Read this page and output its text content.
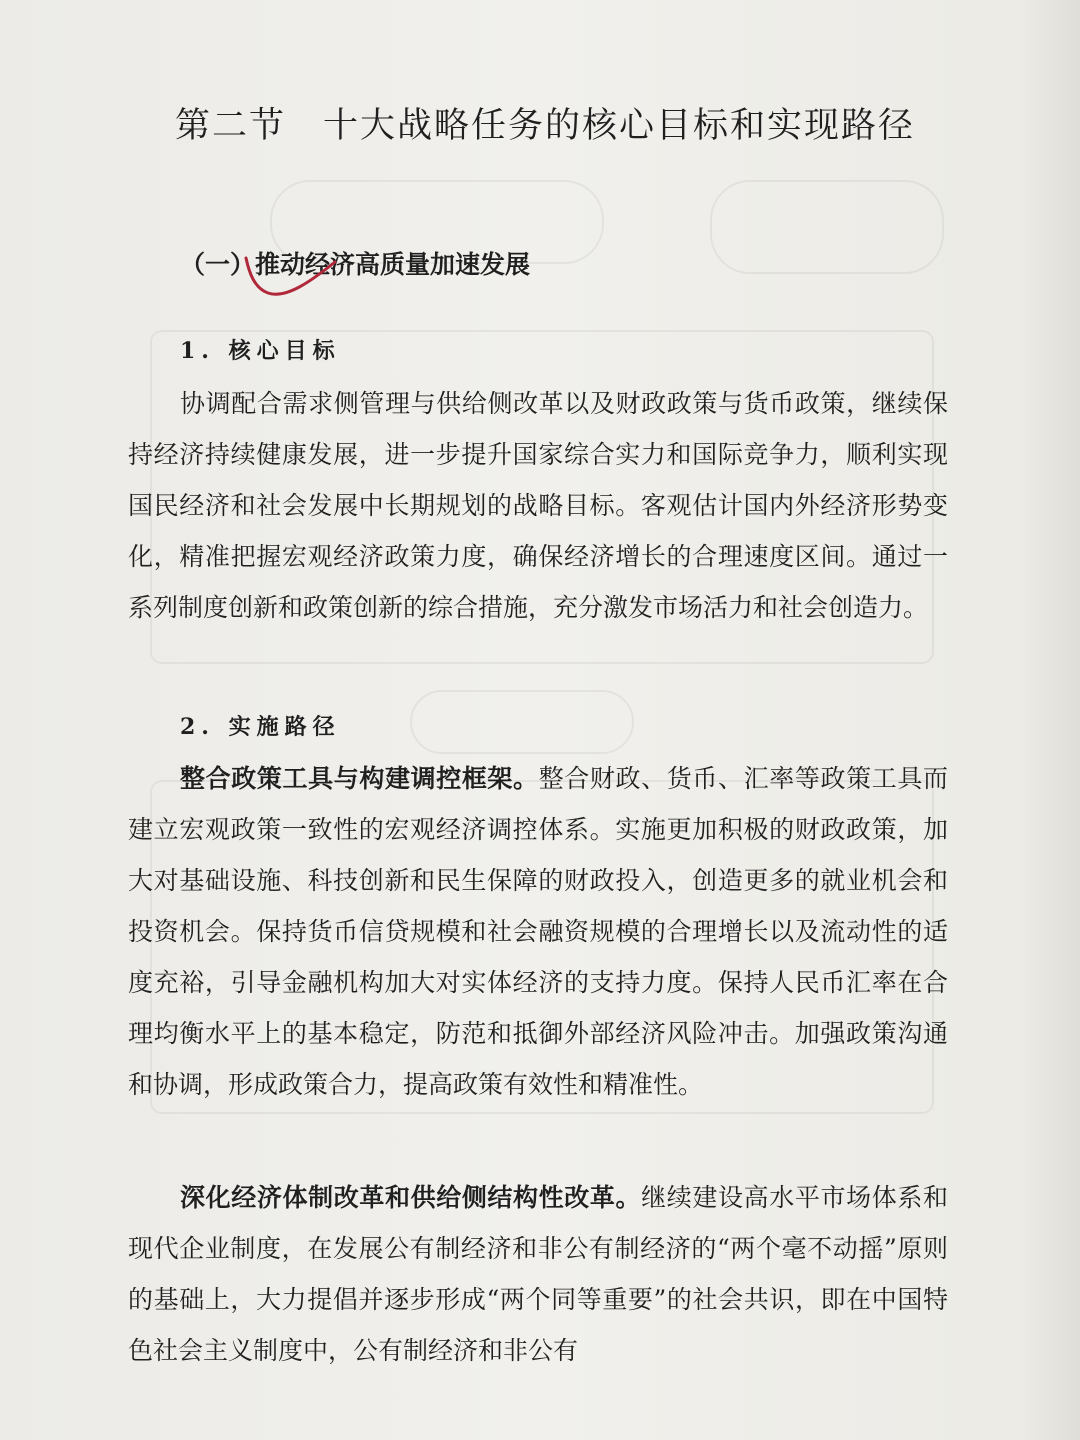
第二节　十大战略任务的核心目标和实现路径
（一）推动经济高质量加速发展
1. 核心目标

协调配合需求侧管理与供给侧改革以及财政政策与货币政策，继续保持经济持续健康发展，进一步提升国家综合实力和国际竞争力，顺利实现国民经济和社会发展中长期规划的战略目标。客观估计国内外经济形势变化，精准把握宏观经济政策力度，确保经济增长的合理速度区间。通过一系列制度创新和政策创新的综合措施，充分激发市场活力和社会创造力。

2. 实施路径

整合政策工具与构建调控框架。整合财政、货币、汇率等政策工具而建立宏观政策一致性的宏观经济调控体系。实施更加积极的财政政策，加大对基础设施、科技创新和民生保障的财政投入，创造更多的就业机会和投资机会。保持货币信贷规模和社会融资规模的合理增长以及流动性的适度充裕，引导金融机构加大对实体经济的支持力度。保持人民币汇率在合理均衡水平上的基本稳定，防范和抵御外部经济风险冲击。加强政策沟通和协调，形成政策合力，提高政策有效性和精准性。

深化经济体制改革和供给侧结构性改革。继续建设高水平市场体系和现代企业制度，在发展公有制经济和非公有制经济的“两个毫不动摇”原则的基础上，大力提倡并逐步形成“两个同等重要”的社会共识，即在中国特色社会主义制度中，公有制经济和非公有
